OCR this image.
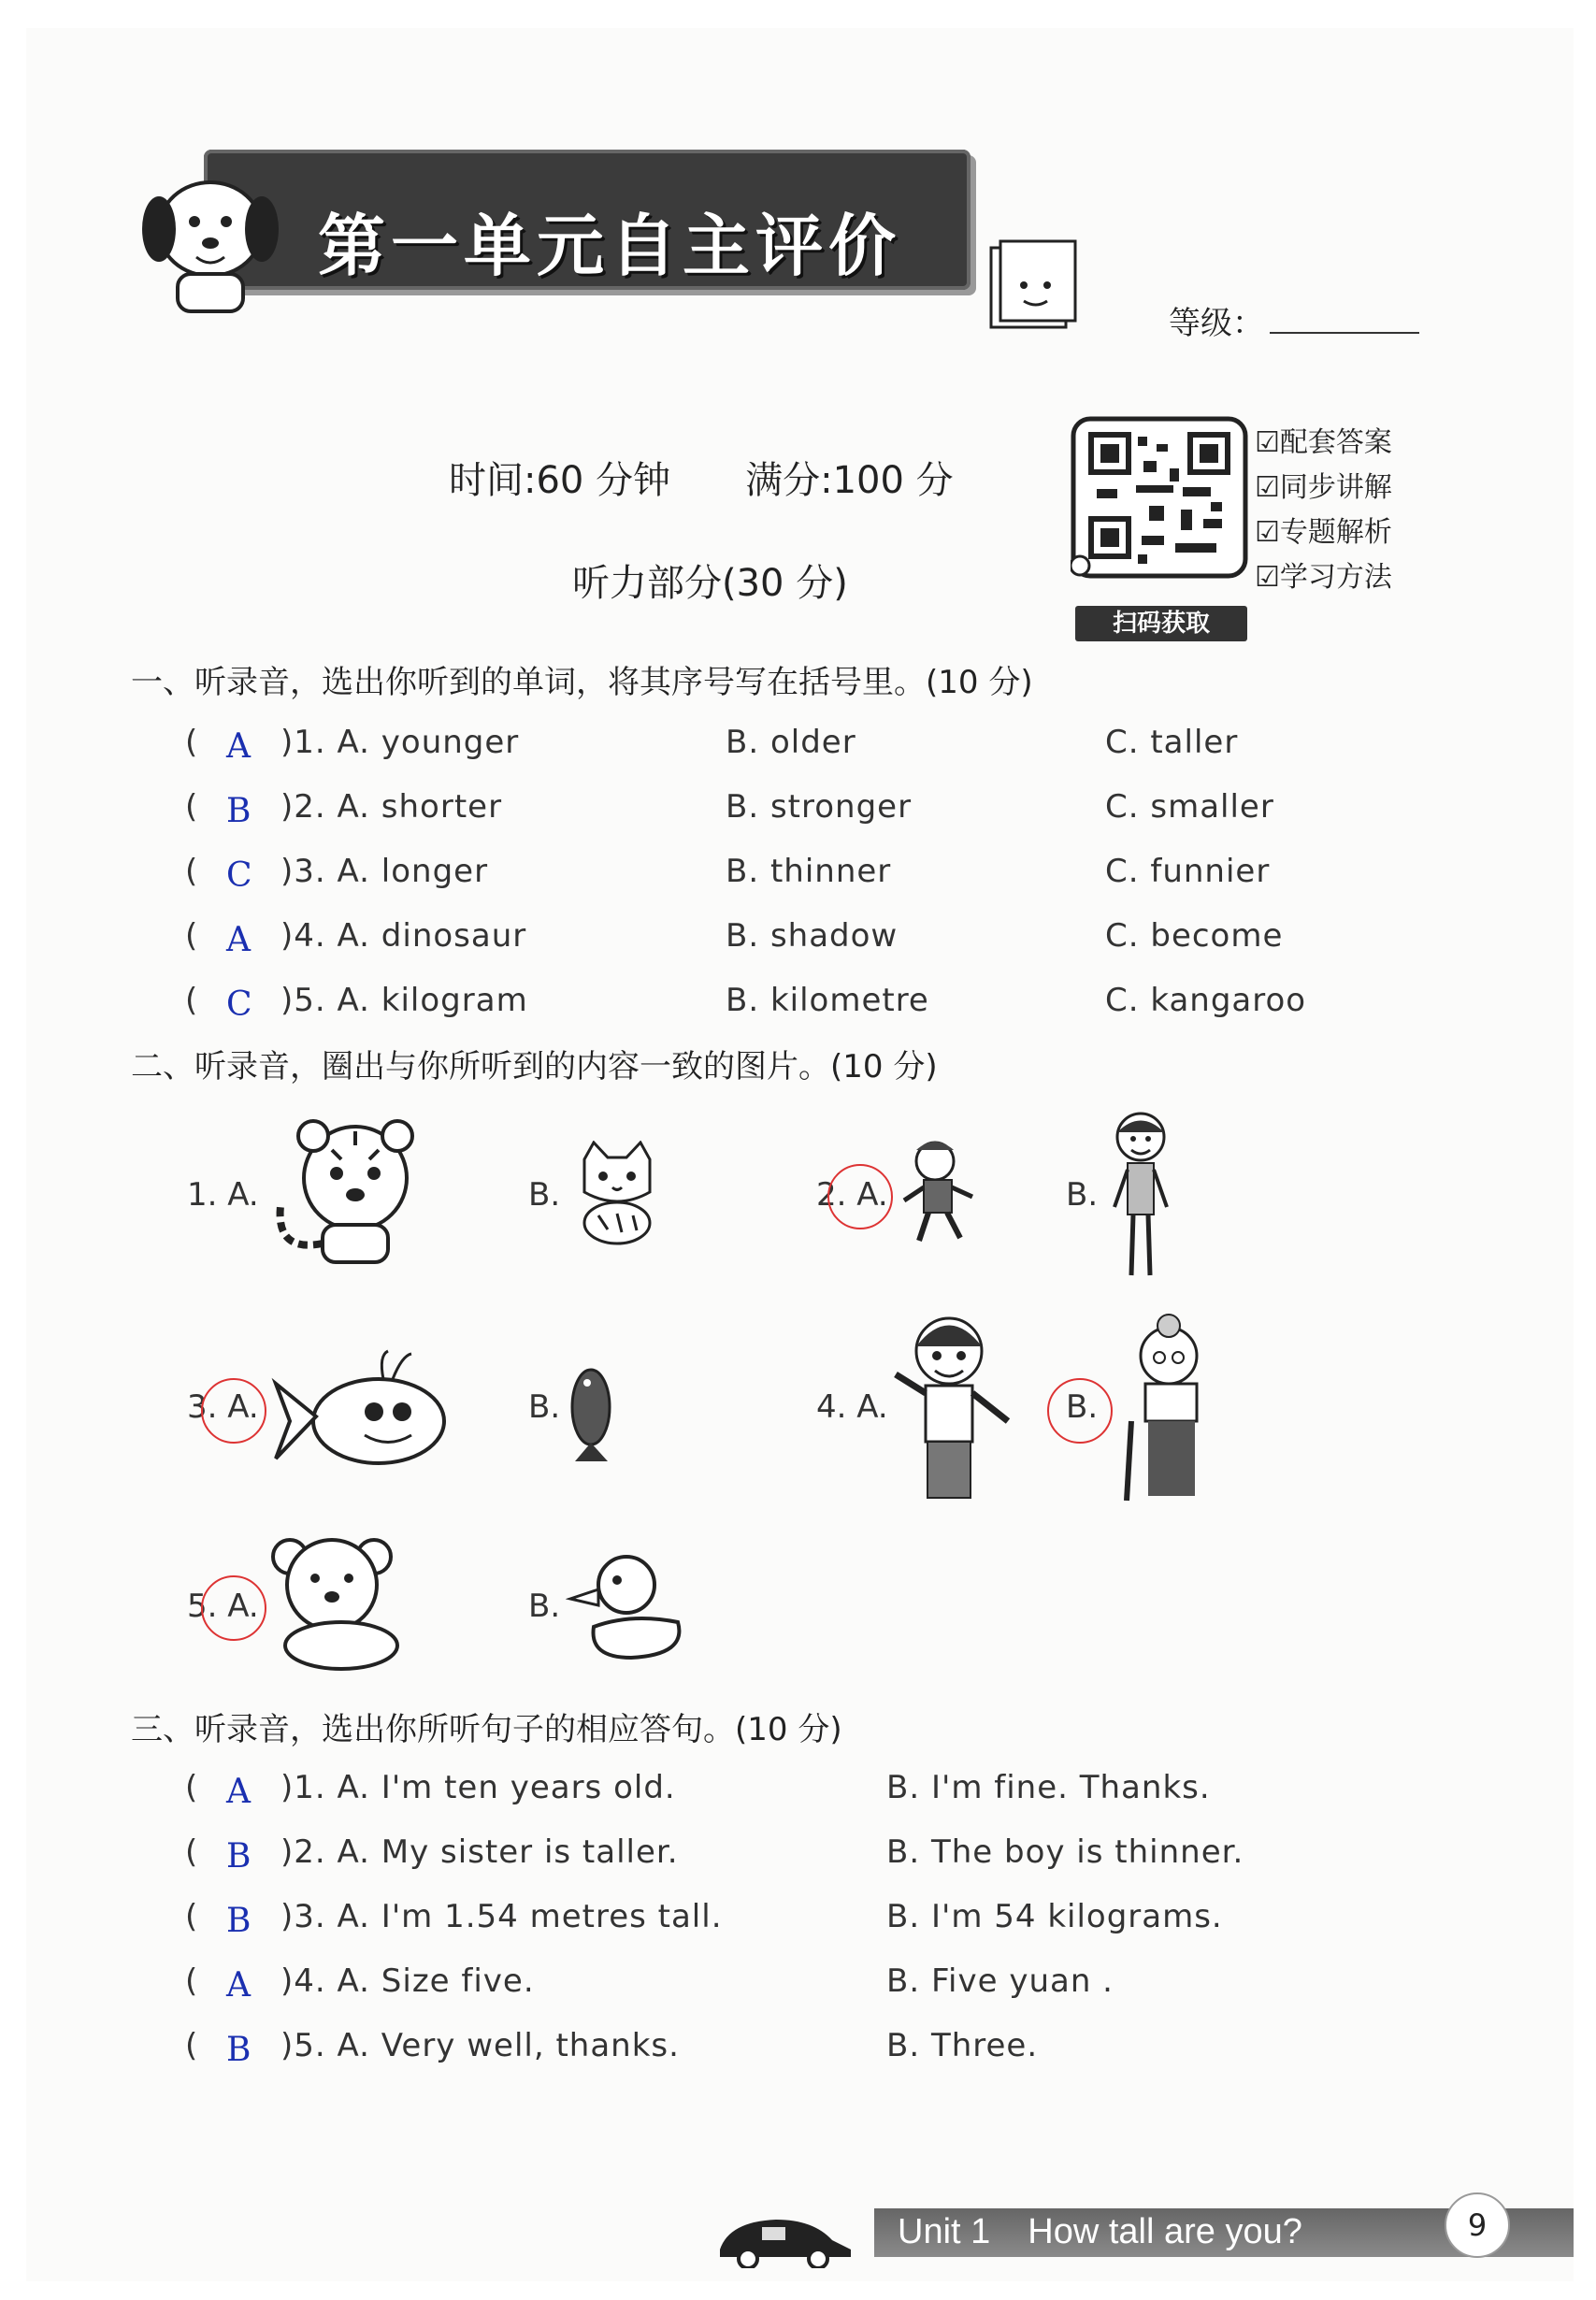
第一单元自主评价
等级：
时间:60 分钟 满分:100 分
听力部分(30 分)
☑配套答案
☑同步讲解
☑专题解析
☑学习方法
扫码获取
一、听录音，选出你听到的单词，将其序号写在括号里。(10 分)
( A )1. A. younger	B. older	C. taller
( B )2. A. shorter	B. stronger	C. smaller
( C )3. A. longer	B. thinner	C. funnier
( A )4. A. dinosaur	B. shadow	C. become
( C )5. A. kilogram	B. kilometre	C. kangaroo
二、听录音，圈出与你所听到的内容一致的图片。(10 分)
1. A.	B.	2. A.	B.
3. A.	B.	4. A.	B.
5. A.	B.
三、听录音，选出你所听句子的相应答句。(10 分)
( A )1. A. I'm ten years old.	B. I'm fine. Thanks.
( B )2. A. My sister is taller.	B. The boy is thinner.
( B )3. A. I'm 1.54 metres tall.	B. I'm 54 kilograms.
( A )4. A. Size five.	B. Five yuan .
( B )5. A. Very well, thanks.	B. Three.
Unit 1 How tall are you?	9
